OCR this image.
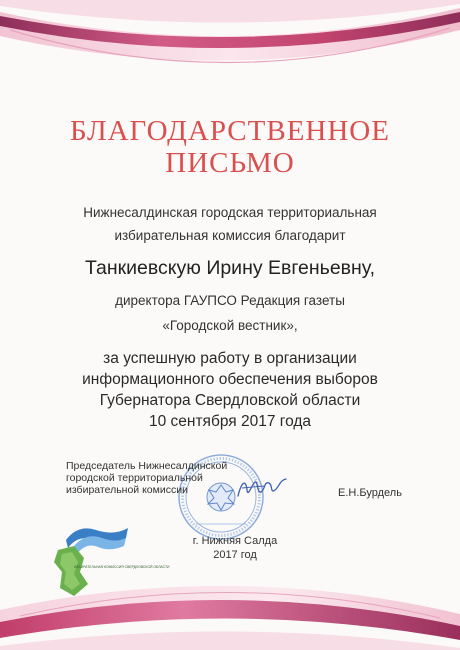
БЛАГОДАРСТВЕННОЕ

ПИСЬМО

Нижнесалдинская городская территориальная

избирательная комиссия благодарит

Танкиевскую Ирину Евгеньевну,

директора ГАУПСО Редакция газеты

«Городской вестник»,

за успешную работу в организации

информационного обеспечения выборов

Губернатора Свердловской области

10 сентября 2017 года

Председатель Нижнесалдинской
городской территориальной
избирательной комиссии	Е.Н.Бурдель

ИЗБИРАТЕЛЬНАЯ КОМИССИЯ СВЕРДЛОВСКОЙ ОБЛАСТИ

г. Нижняя Салда

2017 год
